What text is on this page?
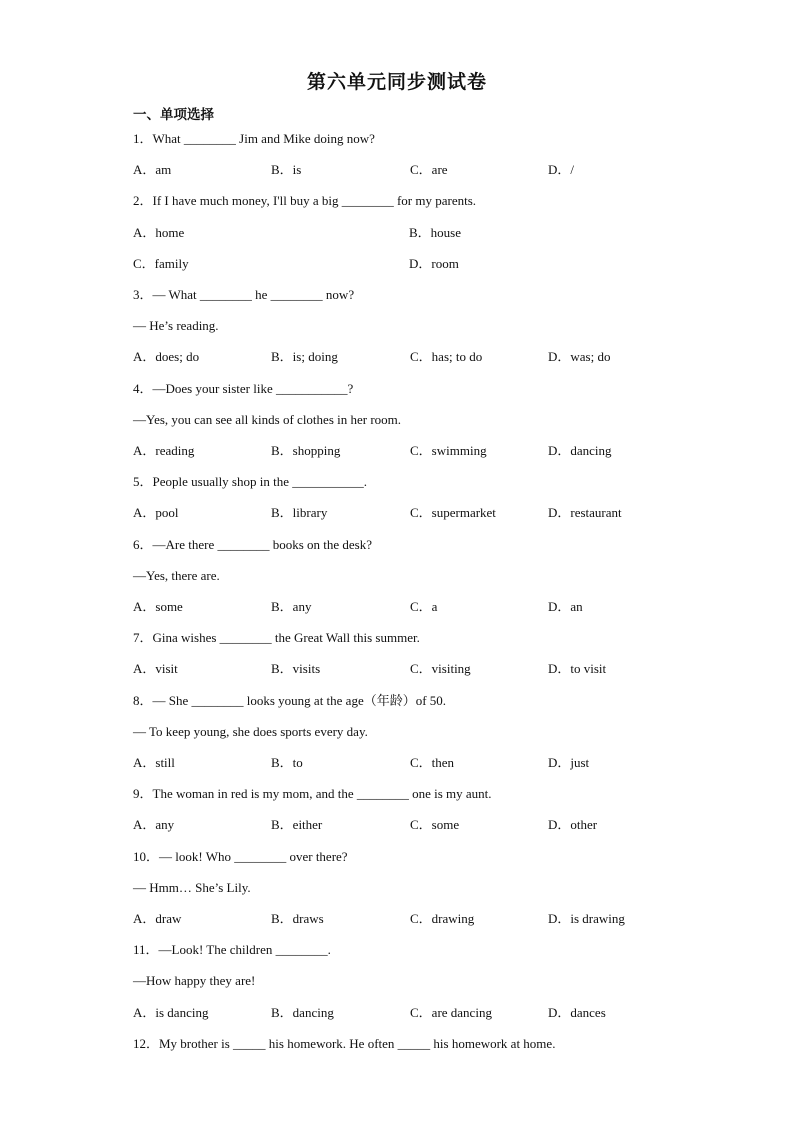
第六单元同步测试卷
一、单项选择
1．What ________ Jim and Mike doing now?
A．am	B．is	C．are	D．/
2．If I have much money, I'll buy a big ________ for my parents.
A．home	B．house
C．family	D．room
3．— What ________ he ________ now?
— He’s reading.
A．does; do	B．is; doing	C．has; to do	D．was; do
4．—Does your sister like ___________?
—Yes, you can see all kinds of clothes in her room.
A．reading	B．shopping	C．swimming	D．dancing
5．People usually shop in the ___________.
A．pool	B．library	C．supermarket	D．restaurant
6．—Are there ________ books on the desk?
—Yes, there are.
A．some	B．any	C．a	D．an
7．Gina wishes ________ the Great Wall this summer.
A．visit	B．visits	C．visiting	D．to visit
8．— She ________ looks young at the age（年龄）of 50.
— To keep young, she does sports every day.
A．still	B．to	C．then	D．just
9．The woman in red is my mom, and the ________ one is my aunt.
A．any	B．either	C．some	D．other
10．— look! Who ________ over there?
— Hmm… She’s Lily.
A．draw	B．draws	C．drawing	D．is drawing
11．—Look! The children ________.
—How happy they are!
A．is dancing	B．dancing	C．are dancing	D．dances
12．My brother is _____ his homework. He often _____ his homework at home.
